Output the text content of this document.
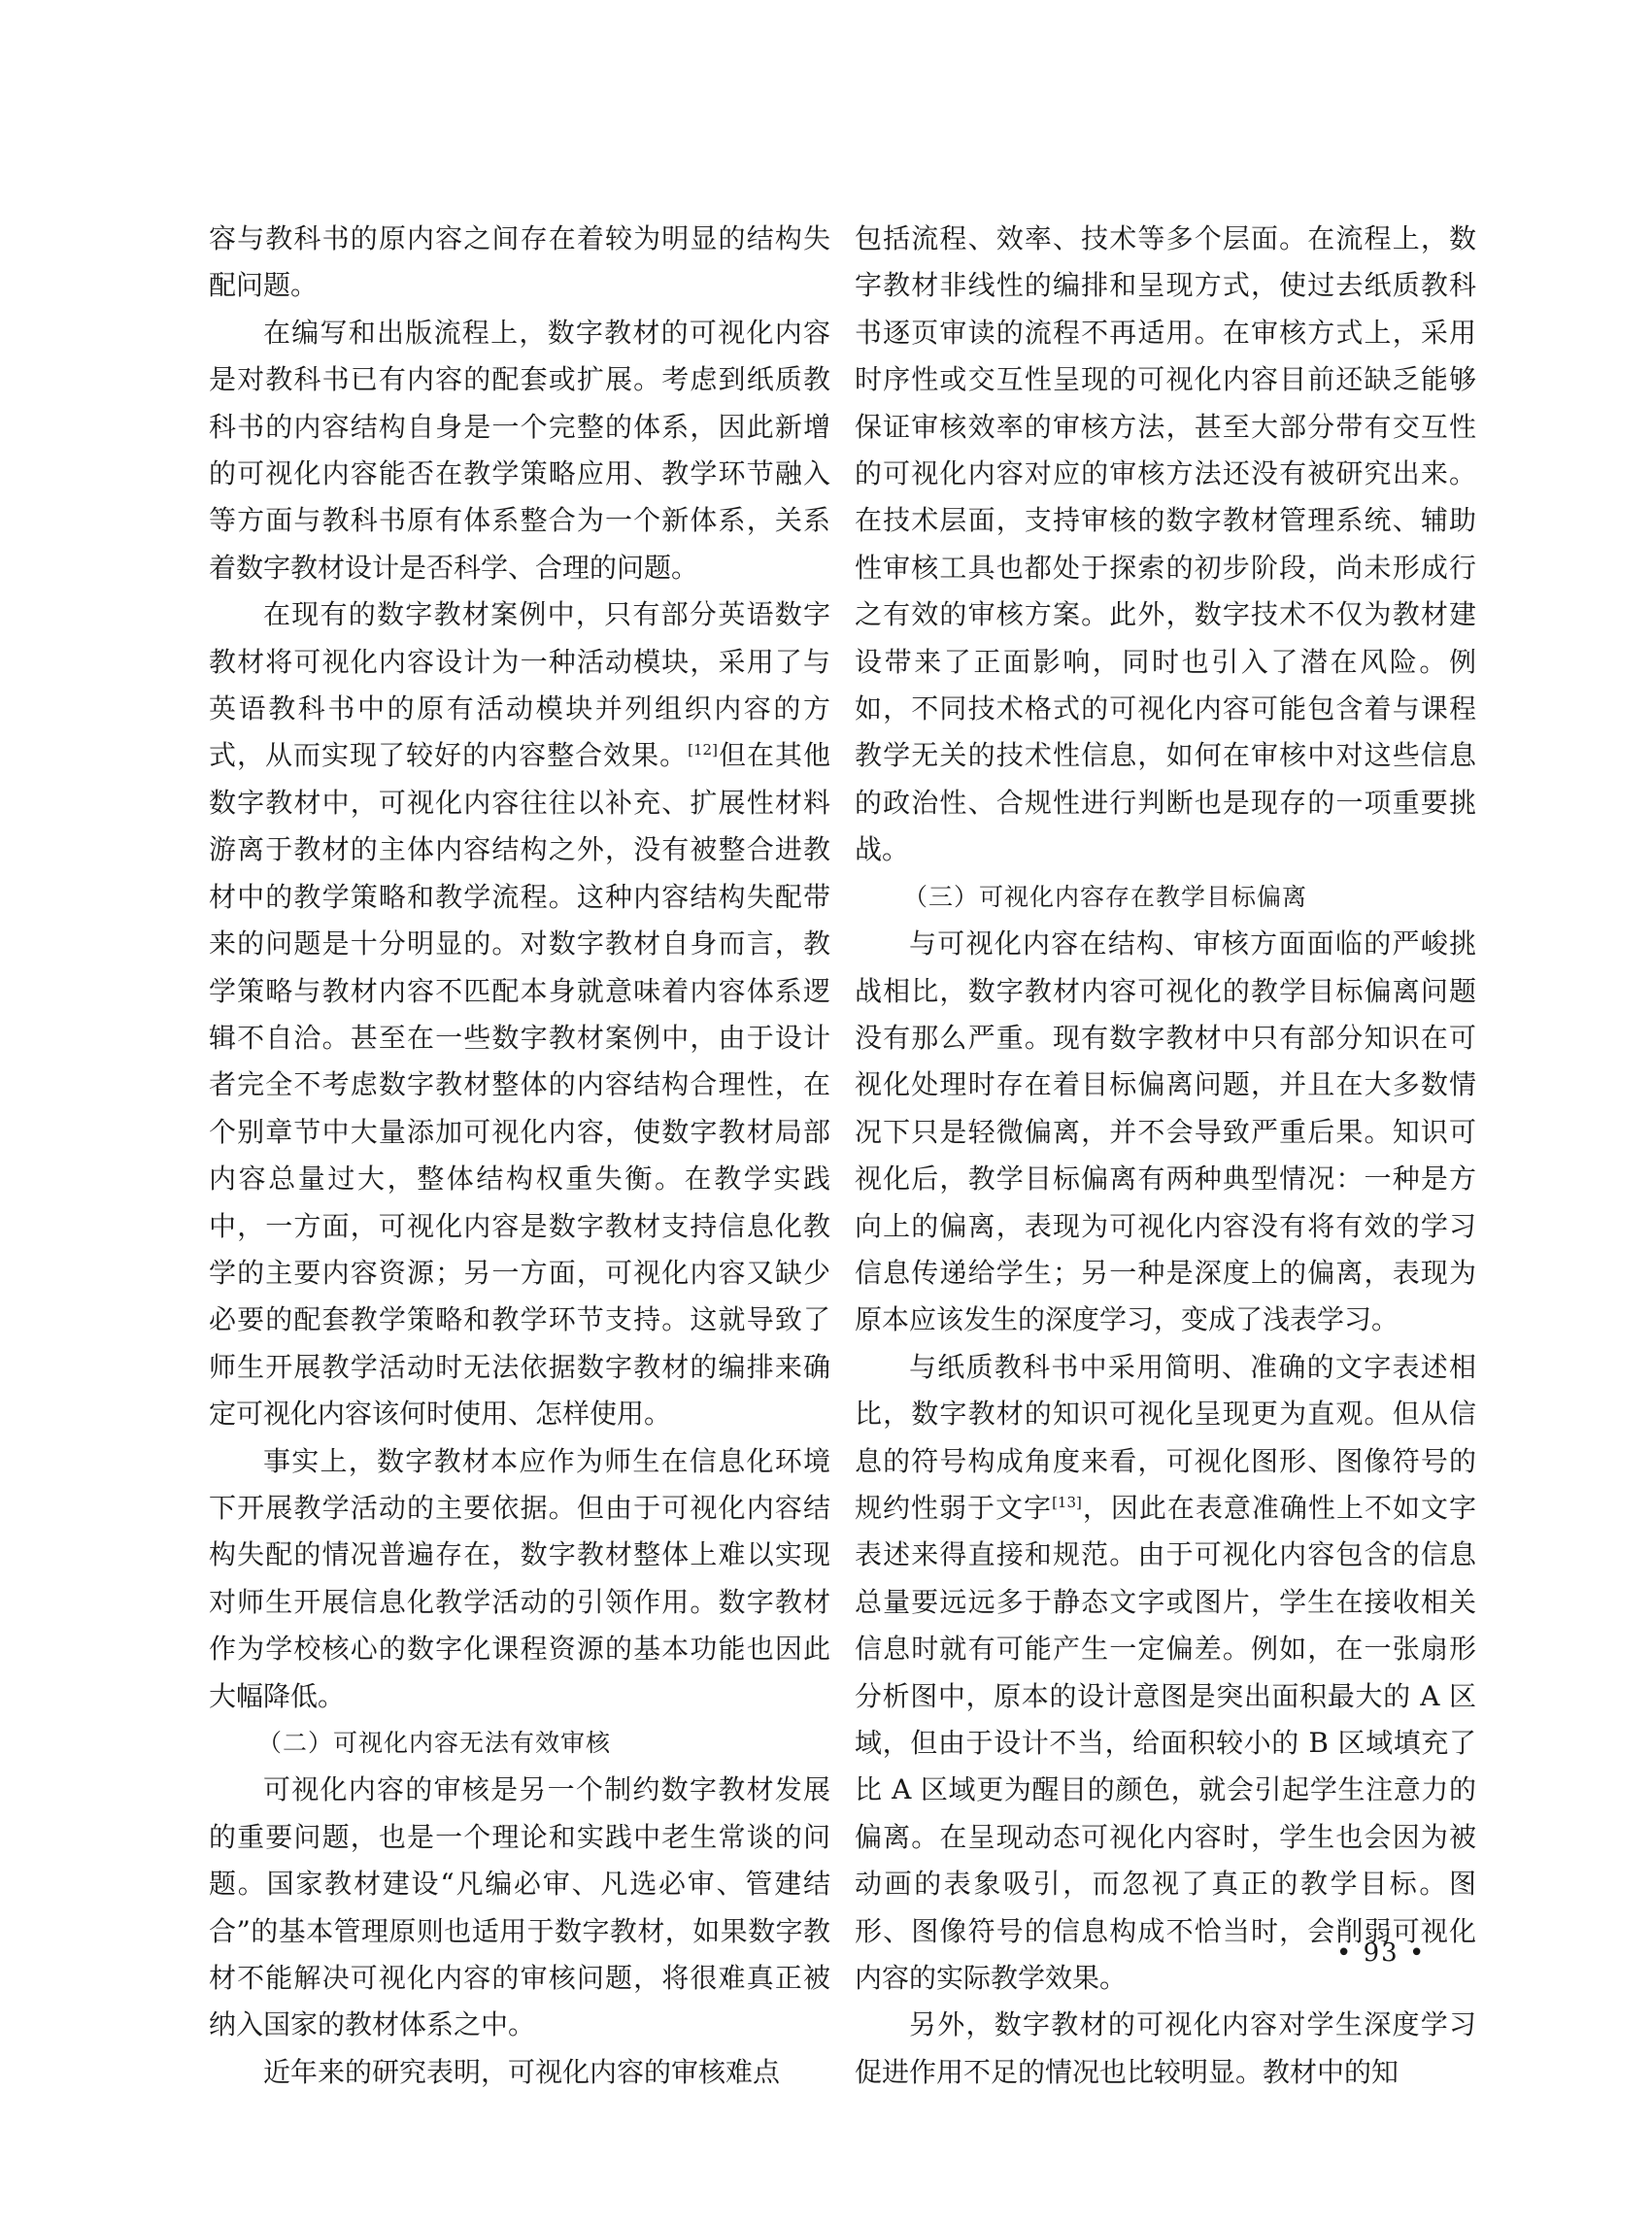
容与教科书的原内容之间存在着较为明显的结构失配问题。

在编写和出版流程上，数字教材的可视化内容是对教科书已有内容的配套或扩展。考虑到纸质教科书的内容结构自身是一个完整的体系，因此新增的可视化内容能否在教学策略应用、教学环节融入等方面与教科书原有体系整合为一个新体系，关系着数字教材设计是否科学、合理的问题。

在现有的数字教材案例中，只有部分英语数字教材将可视化内容设计为一种活动模块，采用了与英语教科书中的原有活动模块并列组织内容的方式，从而实现了较好的内容整合效果。[12]但在其他数字教材中，可视化内容往往以补充、扩展性材料游离于教材的主体内容结构之外，没有被整合进教材中的教学策略和教学流程。这种内容结构失配带来的问题是十分明显的。对数字教材自身而言，教学策略与教材内容不匹配本身就意味着内容体系逻辑不自洽。甚至在一些数字教材案例中，由于设计者完全不考虑数字教材整体的内容结构合理性，在个别章节中大量添加可视化内容，使数字教材局部内容总量过大，整体结构权重失衡。在教学实践中，一方面，可视化内容是数字教材支持信息化教学的主要内容资源；另一方面，可视化内容又缺少必要的配套教学策略和教学环节支持。这就导致了师生开展教学活动时无法依据数字教材的编排来确定可视化内容该何时使用、怎样使用。

事实上，数字教材本应作为师生在信息化环境下开展教学活动的主要依据。但由于可视化内容结构失配的情况普遍存在，数字教材整体上难以实现对师生开展信息化教学活动的引领作用。数字教材作为学校核心的数字化课程资源的基本功能也因此大幅降低。

（二）可视化内容无法有效审核

可视化内容的审核是另一个制约数字教材发展的重要问题，也是一个理论和实践中老生常谈的问题。国家教材建设“凡编必审、凡选必审、管建结合”的基本管理原则也适用于数字教材，如果数字教材不能解决可视化内容的审核问题，将很难真正被纳入国家的教材体系之中。

近年来的研究表明，可视化内容的审核难点

包括流程、效率、技术等多个层面。在流程上，数字教材非线性的编排和呈现方式，使过去纸质教科书逐页审读的流程不再适用。在审核方式上，采用时序性或交互性呈现的可视化内容目前还缺乏能够保证审核效率的审核方法，甚至大部分带有交互性的可视化内容对应的审核方法还没有被研究出来。在技术层面，支持审核的数字教材管理系统、辅助性审核工具也都处于探索的初步阶段，尚未形成行之有效的审核方案。此外，数字技术不仅为教材建设带来了正面影响，同时也引入了潜在风险。例如，不同技术格式的可视化内容可能包含着与课程教学无关的技术性信息，如何在审核中对这些信息的政治性、合规性进行判断也是现存的一项重要挑战。

（三）可视化内容存在教学目标偏离

与可视化内容在结构、审核方面面临的严峻挑战相比，数字教材内容可视化的教学目标偏离问题没有那么严重。现有数字教材中只有部分知识在可视化处理时存在着目标偏离问题，并且在大多数情况下只是轻微偏离，并不会导致严重后果。知识可视化后，教学目标偏离有两种典型情况：一种是方向上的偏离，表现为可视化内容没有将有效的学习信息传递给学生；另一种是深度上的偏离，表现为原本应该发生的深度学习，变成了浅表学习。

与纸质教科书中采用简明、准确的文字表述相比，数字教材的知识可视化呈现更为直观。但从信息的符号构成角度来看，可视化图形、图像符号的规约性弱于文字[13]，因此在表意准确性上不如文字表述来得直接和规范。由于可视化内容包含的信息总量要远远多于静态文字或图片，学生在接收相关信息时就有可能产生一定偏差。例如，在一张扇形分析图中，原本的设计意图是突出面积最大的 A 区域，但由于设计不当，给面积较小的 B 区域填充了比 A 区域更为醒目的颜色，就会引起学生注意力的偏离。在呈现动态可视化内容时，学生也会因为被动画的表象吸引，而忽视了真正的教学目标。图形、图像符号的信息构成不恰当时，会削弱可视化内容的实际教学效果。

另外，数字教材的可视化内容对学生深度学习促进作用不足的情况也比较明显。教材中的知

• 93 •
